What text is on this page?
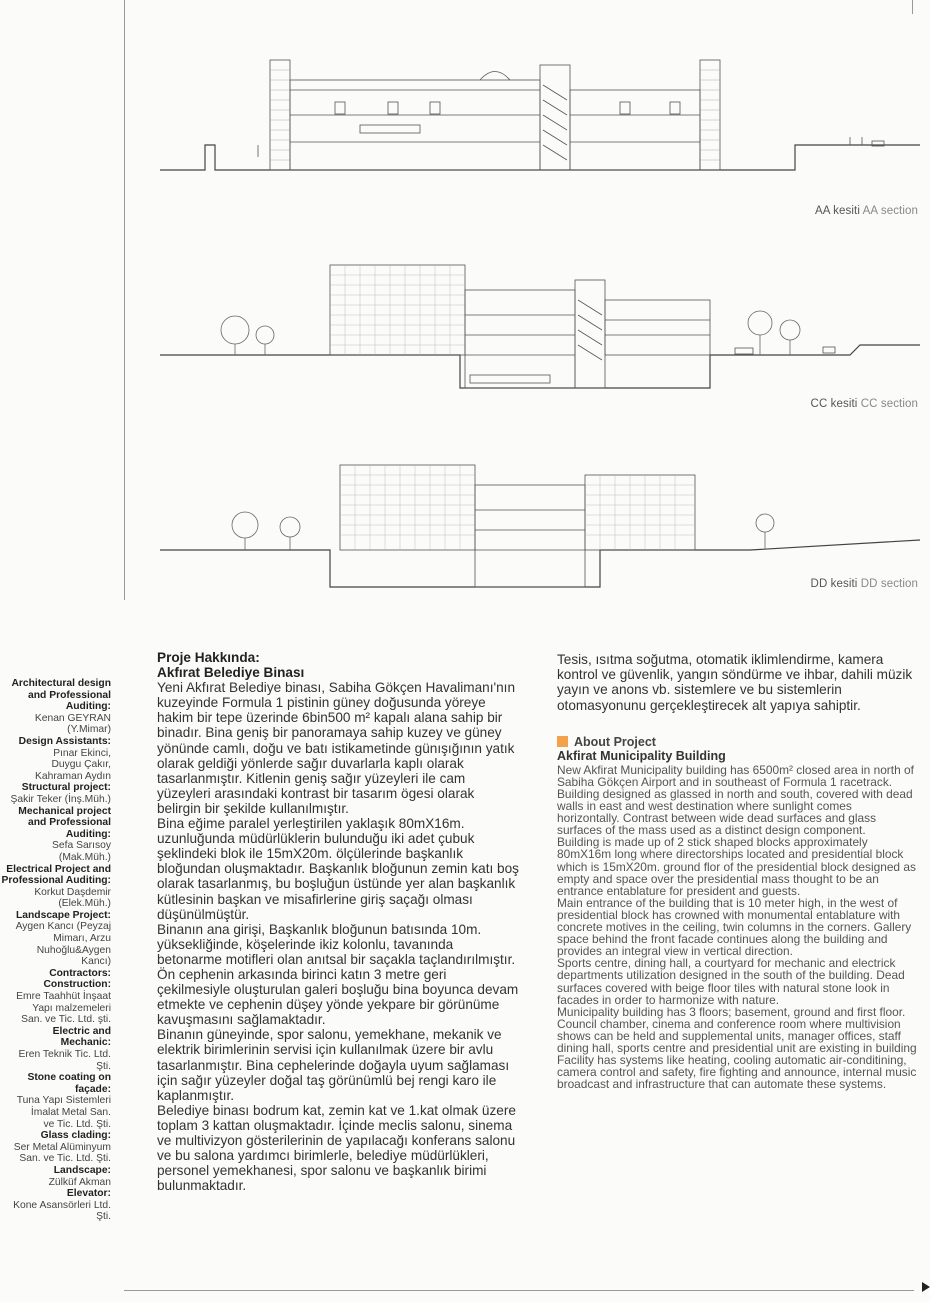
AA kesiti AA section
CC kesiti CC section
DD kesiti DD section
Architectural design and Professional Auditing:
Kenan GEYRAN
(Y.Mimar)
Design Assistants:
Pınar Ekinci,
Duygu Çakır,
Kahraman Aydın
Structural project:
Şakir Teker (İnş.Müh.)
Mechanical project and Professional Auditing:
Sefa Sarısoy
(Mak.Müh.)
Electrical Project and Professional Auditing:
Korkut Daşdemir
(Elek.Müh.)
Landscape Project:
Aygen Kancı (Peyzaj
Mimarı, Arzu
Nuhoğlu&Aygen
Kancı)
Contractors: Construction:
Emre Taahhüt İnşaat
Yapı malzemeleri
San. ve Tic. Ltd. şti.
Electric and Mechanic:
Eren Teknik Tic. Ltd.
Şti.
Stone coating on façade:
Tuna Yapı Sistemleri
İmalat Metal San.
ve Tic. Ltd. Şti.
Glass clading:
Ser Metal Alüminyum
San. ve Tic. Ltd. Şti.
Landscape:
Zülküf Akman
Elevator:
Kone Asansörleri Ltd.
Şti.
Proje Hakkında:
Akfırat Belediye Binası

Yeni Akfırat Belediye binası, Sabiha Gökçen Havalimanı'nın kuzeyinde Formula 1 pistinin güney doğusunda yöreye hakim bir tepe üzerinde 6bin500 m² kapalı alana sahip bir binadır. Bina geniş bir panoramaya sahip kuzey ve güney yönünde camlı, doğu ve batı istikametinde günışığının yatık olarak geldiği yönlerde sağır duvarlarla kaplı olarak tasarlanmıştır. Kitlenin geniş sağır yüzeyleri ile cam yüzeyleri arasındaki kontrast bir tasarım ögesi olarak belirgin bir şekilde kullanılmıştır.

Bina eğime paralel yerleştirilen yaklaşık 80mX16m. uzunluğunda müdürlüklerin bulunduğu iki adet çubuk şeklindeki blok ile 15mX20m. ölçülerinde başkanlık bloğundan oluşmaktadır. Başkanlık bloğunun zemin katı boş olarak tasarlanmış, bu boşluğun üstünde yer alan başkanlık kütlesinin başkan ve misafirlerine giriş saçağı olması düşünülmüştür.

Binanın ana girişi, Başkanlık bloğunun batısında 10m. yüksekliğinde, köşelerinde ikiz kolonlu, tavanında betonarme motifleri olan anıtsal bir saçakla taçlandırılmıştır. Ön cephenin arkasında birinci katın 3 metre geri çekilmesiyle oluşturulan galeri boşluğu bina boyunca devam etmekte ve cephenin düşey yönde yekpare bir görünüme kavuşmasını sağlamaktadır.

Binanın güneyinde, spor salonu, yemekhane, mekanik ve elektrik birimlerinin servisi için kullanılmak üzere bir avlu tasarlanmıştır. Bina cephelerinde doğayla uyum sağlaması için sağır yüzeyler doğal taş görünümlü bej rengi karo ile kaplanmıştır.

Belediye binası bodrum kat, zemin kat ve 1.kat olmak üzere toplam 3 kattan oluşmaktadır. İçinde meclis salonu, sinema ve multivizyon gösterilerinin de yapılacağı konferans salonu ve bu salona yardımcı birimlerle, belediye müdürlükleri, personel yemekhanesi, spor salonu ve başkanlık birimi bulunmaktadır.

Tesis, ısıtma soğutma, otomatik iklimlendirme, kamera kontrol ve güvenlik, yangın söndürme ve ihbar, dahili müzik yayın ve anons vb. sistemlere ve bu sistemlerin otomasyonunu gerçekleştirecek alt yapıya sahiptir.

About Project
Akfirat Municipality Building

New Akfirat Municipality building has 6500m² closed area in north of Sabiha Gökçen Airport and in southeast of Formula 1 racetrack. Building designed as glassed in north and south, covered with dead walls in east and west destination where sunlight comes horizontally. Contrast between wide dead surfaces and glass surfaces of the mass used as a distinct design component.

Building is made up of 2 stick shaped blocks approximately 80mX16m long where directorships located and presidential block which is 15mX20m. ground flor of the presidential block designed as empty and space over the presidential mass thought to be an entrance entablature for president and guests.

Main entrance of the building that is 10 meter high, in the west of presidential block has crowned with monumental entablature with concrete motives in the ceiling, twin columns in the corners. Gallery space behind the front facade continues along the building and provides an integral view in vertical direction.

Sports centre, dining hall, a courtyard for mechanic and electrick departments utilization designed in the south of the building. Dead surfaces covered with beige floor tiles with natural stone look in facades in order to harmonize with nature.

Municipality building has 3 floors; basement, ground and first floor. Council chamber, cinema and conference room where multivision shows can be held and supplemental units, manager offices, staff dining hall, sports centre and presidential unit are existing in building

Facility has systems like heating, cooling automatic air-conditining, camera control and safety, fire fighting and announce, internal music broadcast and infrastructure that can automate these systems.
